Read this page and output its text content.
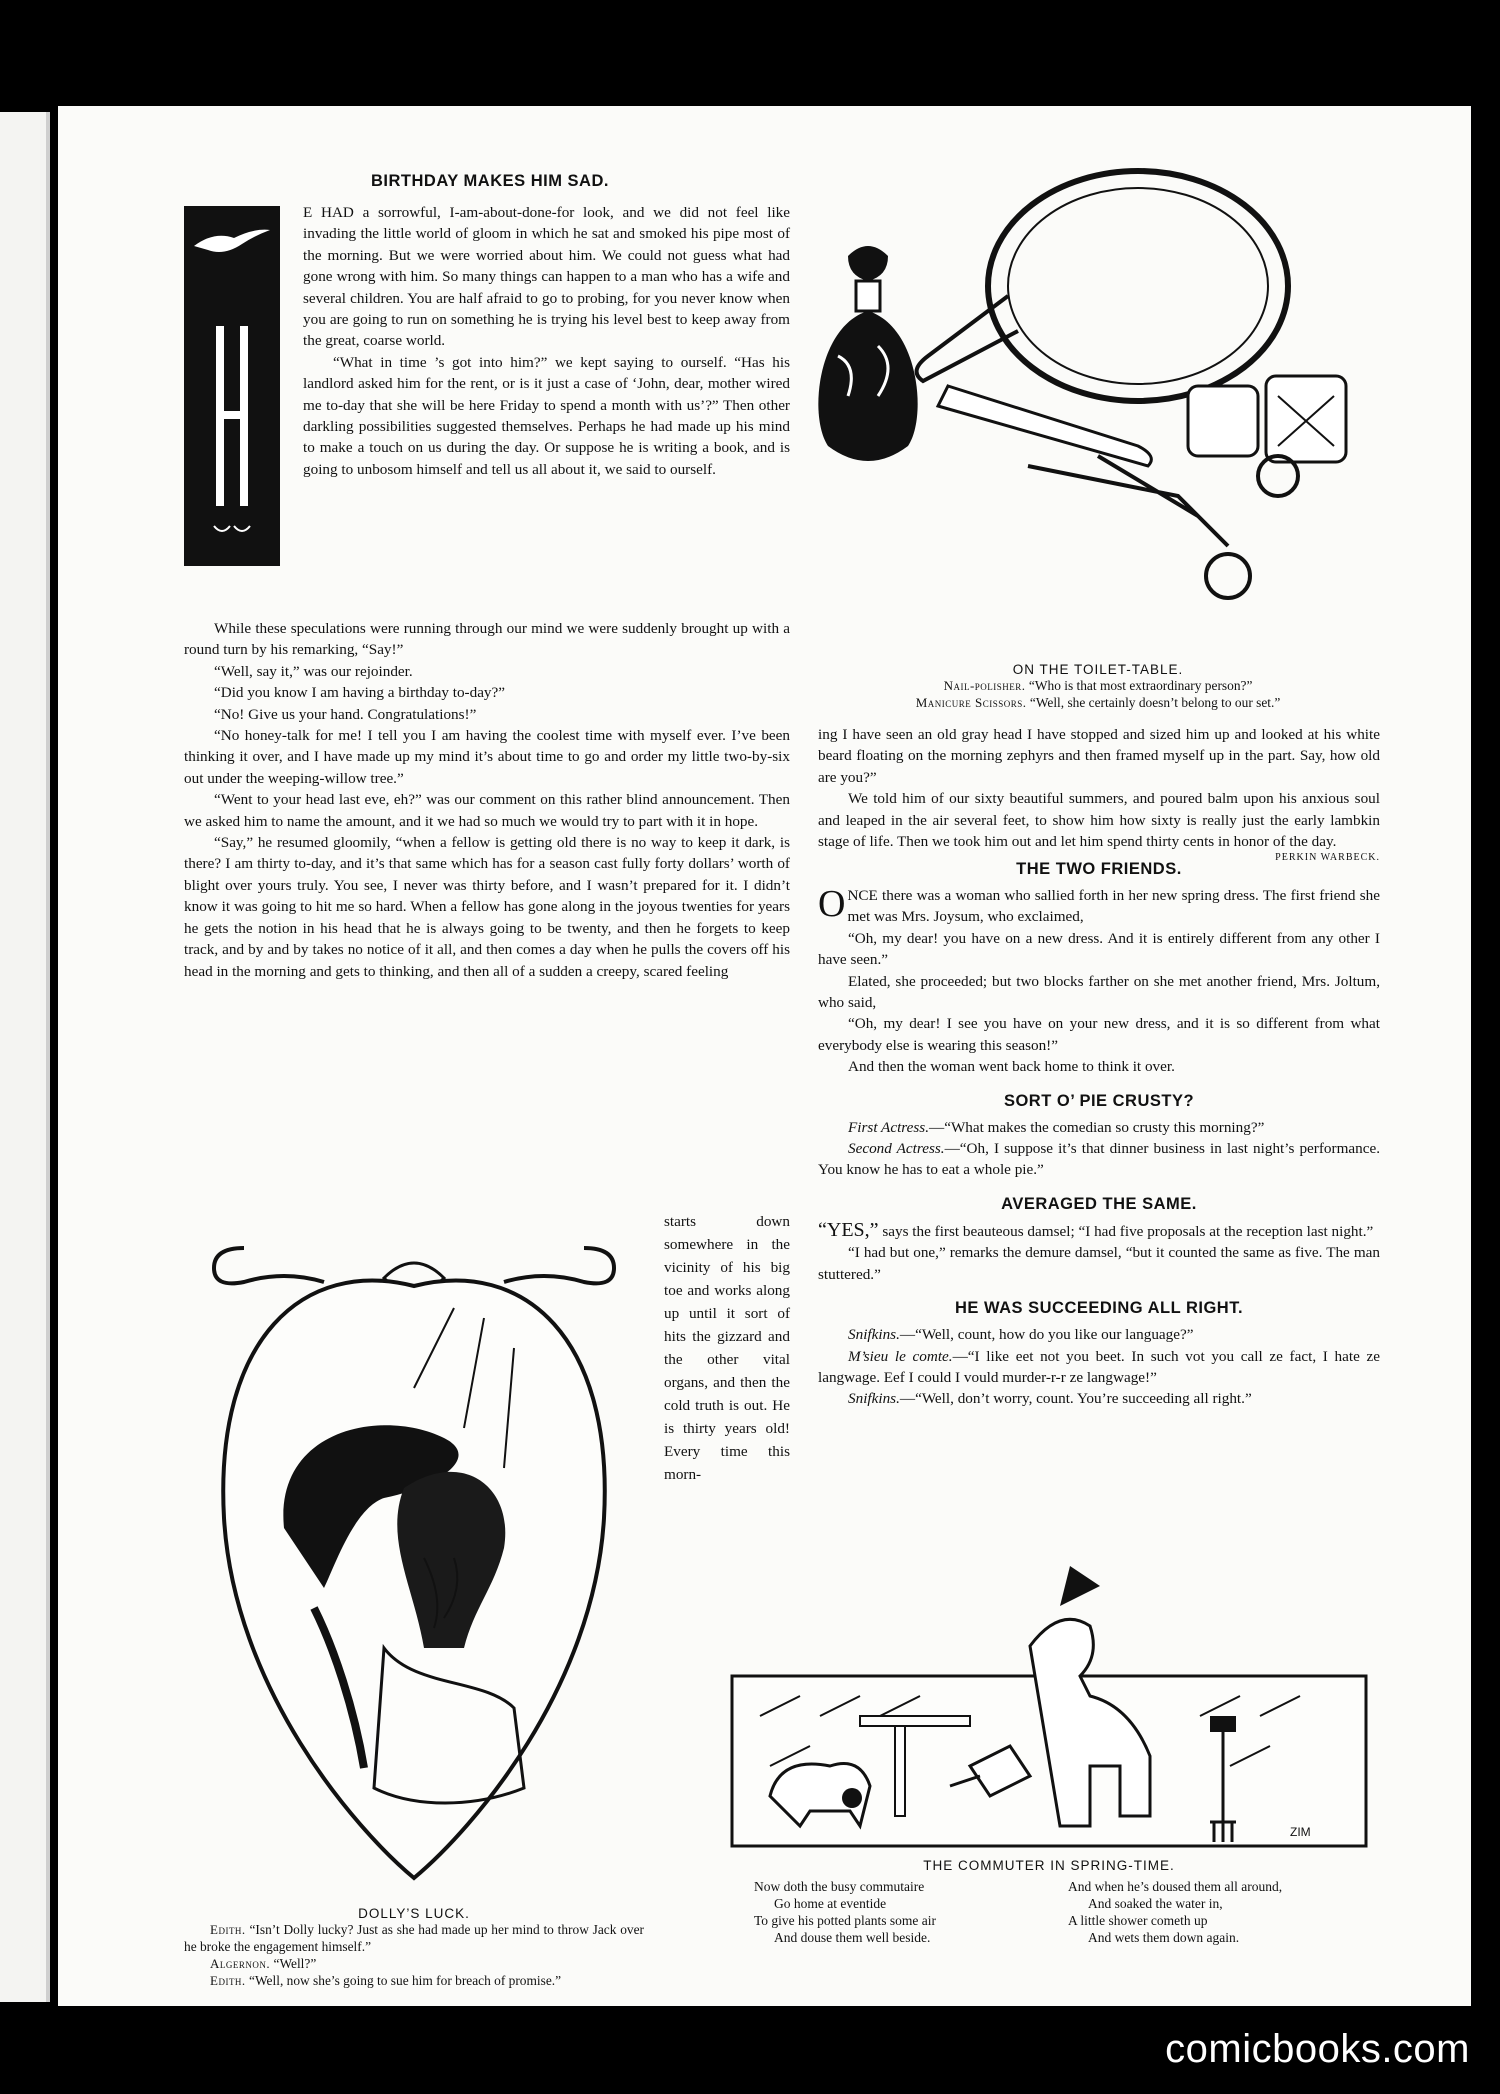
BIRTHDAY MAKES HIM SAD.

E HAD a sorrowful, I-am-about-done-for look, and we did not feel like invading the little world of gloom in which he sat and smoked his pipe most of the morning. But we were worried about him. We could not guess what had gone wrong with him. So many things can happen to a man who has a wife and several children. You are half afraid to go to probing, for you never know when you are going to run on something he is trying his level best to keep away from the great, coarse world.

“What in time ’s got into him?” we kept saying to ourself. “Has his landlord asked him for the rent, or is it just a case of ‘John, dear, mother wired me to-day that she will be here Friday to spend a month with us’?” Then other darkling possibilities suggested themselves. Perhaps he had made up his mind to make a touch on us during the day. Or suppose he is writing a book, and is going to unbosom himself and tell us all about it, we said to ourself.

While these speculations were running through our mind we were suddenly brought up with a round turn by his remarking, “Say!”

“Well, say it,” was our rejoinder.

“Did you know I am having a birthday to-day?”

“No! Give us your hand. Congratulations!”

“No honey-talk for me! I tell you I am having the coolest time with myself ever. I’ve been thinking it over, and I have made up my mind it’s about time to go and order my little two-by-six out under the weeping-willow tree.”

“Went to your head last eve, eh?” was our comment on this rather blind announcement. Then we asked him to name the amount, and it we had so much we would try to part with it in hope.

“Say,” he resumed gloomily, “when a fellow is getting old there is no way to keep it dark, is there? I am thirty to-day, and it’s that same which has for a season cast fully forty dollars’ worth of blight over yours truly. You see, I never was thirty before, and I wasn’t prepared for it. I didn’t know it was going to hit me so hard. When a fellow has gone along in the joyous twenties for years he gets the notion in his head that he is always going to be twenty, and then he forgets to keep track, and by and by takes no notice of it all, and then comes a day when he pulls the covers off his head in the morning and gets to thinking, and then all of a sudden a creepy, scared feeling

starts down somewhere in the vicinity of his big toe and works along up until it sort of hits the gizzard and the other vital organs, and then the cold truth is out. He is thirty years old! Every time this morn-

DOLLY’S LUCK.

Edith. “Isn’t Dolly lucky? Just as she had made up her mind to throw Jack over he broke the engagement himself.”

Algernon. “Well?”

Edith. “Well, now she’s going to sue him for breach of promise.”

ON THE TOILET-TABLE.

Nail-polisher. “Who is that most extraordinary person?”

Manicure Scissors. “Well, she certainly doesn’t belong to our set.”

ing I have seen an old gray head I have stopped and sized him up and looked at his white beard floating on the morning zephyrs and then framed myself up in the part. Say, how old are you?”

We told him of our sixty beautiful summers, and poured balm upon his anxious soul and leaped in the air several feet, to show him how sixty is really just the early lambkin stage of life. Then we took him out and let him spend thirty cents in honor of the day.

PERKIN WARBECK.

THE TWO FRIENDS.

ONCE there was a woman who sallied forth in her new spring dress. The first friend she met was Mrs. Joysum, who exclaimed,

“Oh, my dear! you have on a new dress. And it is entirely different from any other I have seen.”

Elated, she proceeded; but two blocks farther on she met another friend, Mrs. Joltum, who said,

“Oh, my dear! I see you have on your new dress, and it is so different from what everybody else is wearing this season!”

And then the woman went back home to think it over.

SORT O’ PIE CRUSTY?

First Actress.—“What makes the comedian so crusty this morning?”

Second Actress.—“Oh, I suppose it’s that dinner business in last night’s performance. You know he has to eat a whole pie.”

AVERAGED THE SAME.

“YES,” says the first beauteous damsel; “I had five proposals at the reception last night.”

“I had but one,” remarks the demure damsel, “but it counted the same as five. The man stuttered.”

HE WAS SUCCEEDING ALL RIGHT.

Snifkins.—“Well, count, how do you like our language?”

M’sieu le comte.—“I like eet not you beet. In such vot you call ze fact, I hate ze langwage. Eef I could I vould murder-r-r ze langwage!”

Snifkins.—“Well, don’t worry, count. You’re succeeding all right.”

ZIM

THE COMMUTER IN SPRING-TIME.

Now doth the busy commutaire
Go home at eventide
To give his potted plants some air
And douse them well beside.
And when he’s doused them all around,
And soaked the water in,
A little shower cometh up
And wets them down again.
comicbooks.com
